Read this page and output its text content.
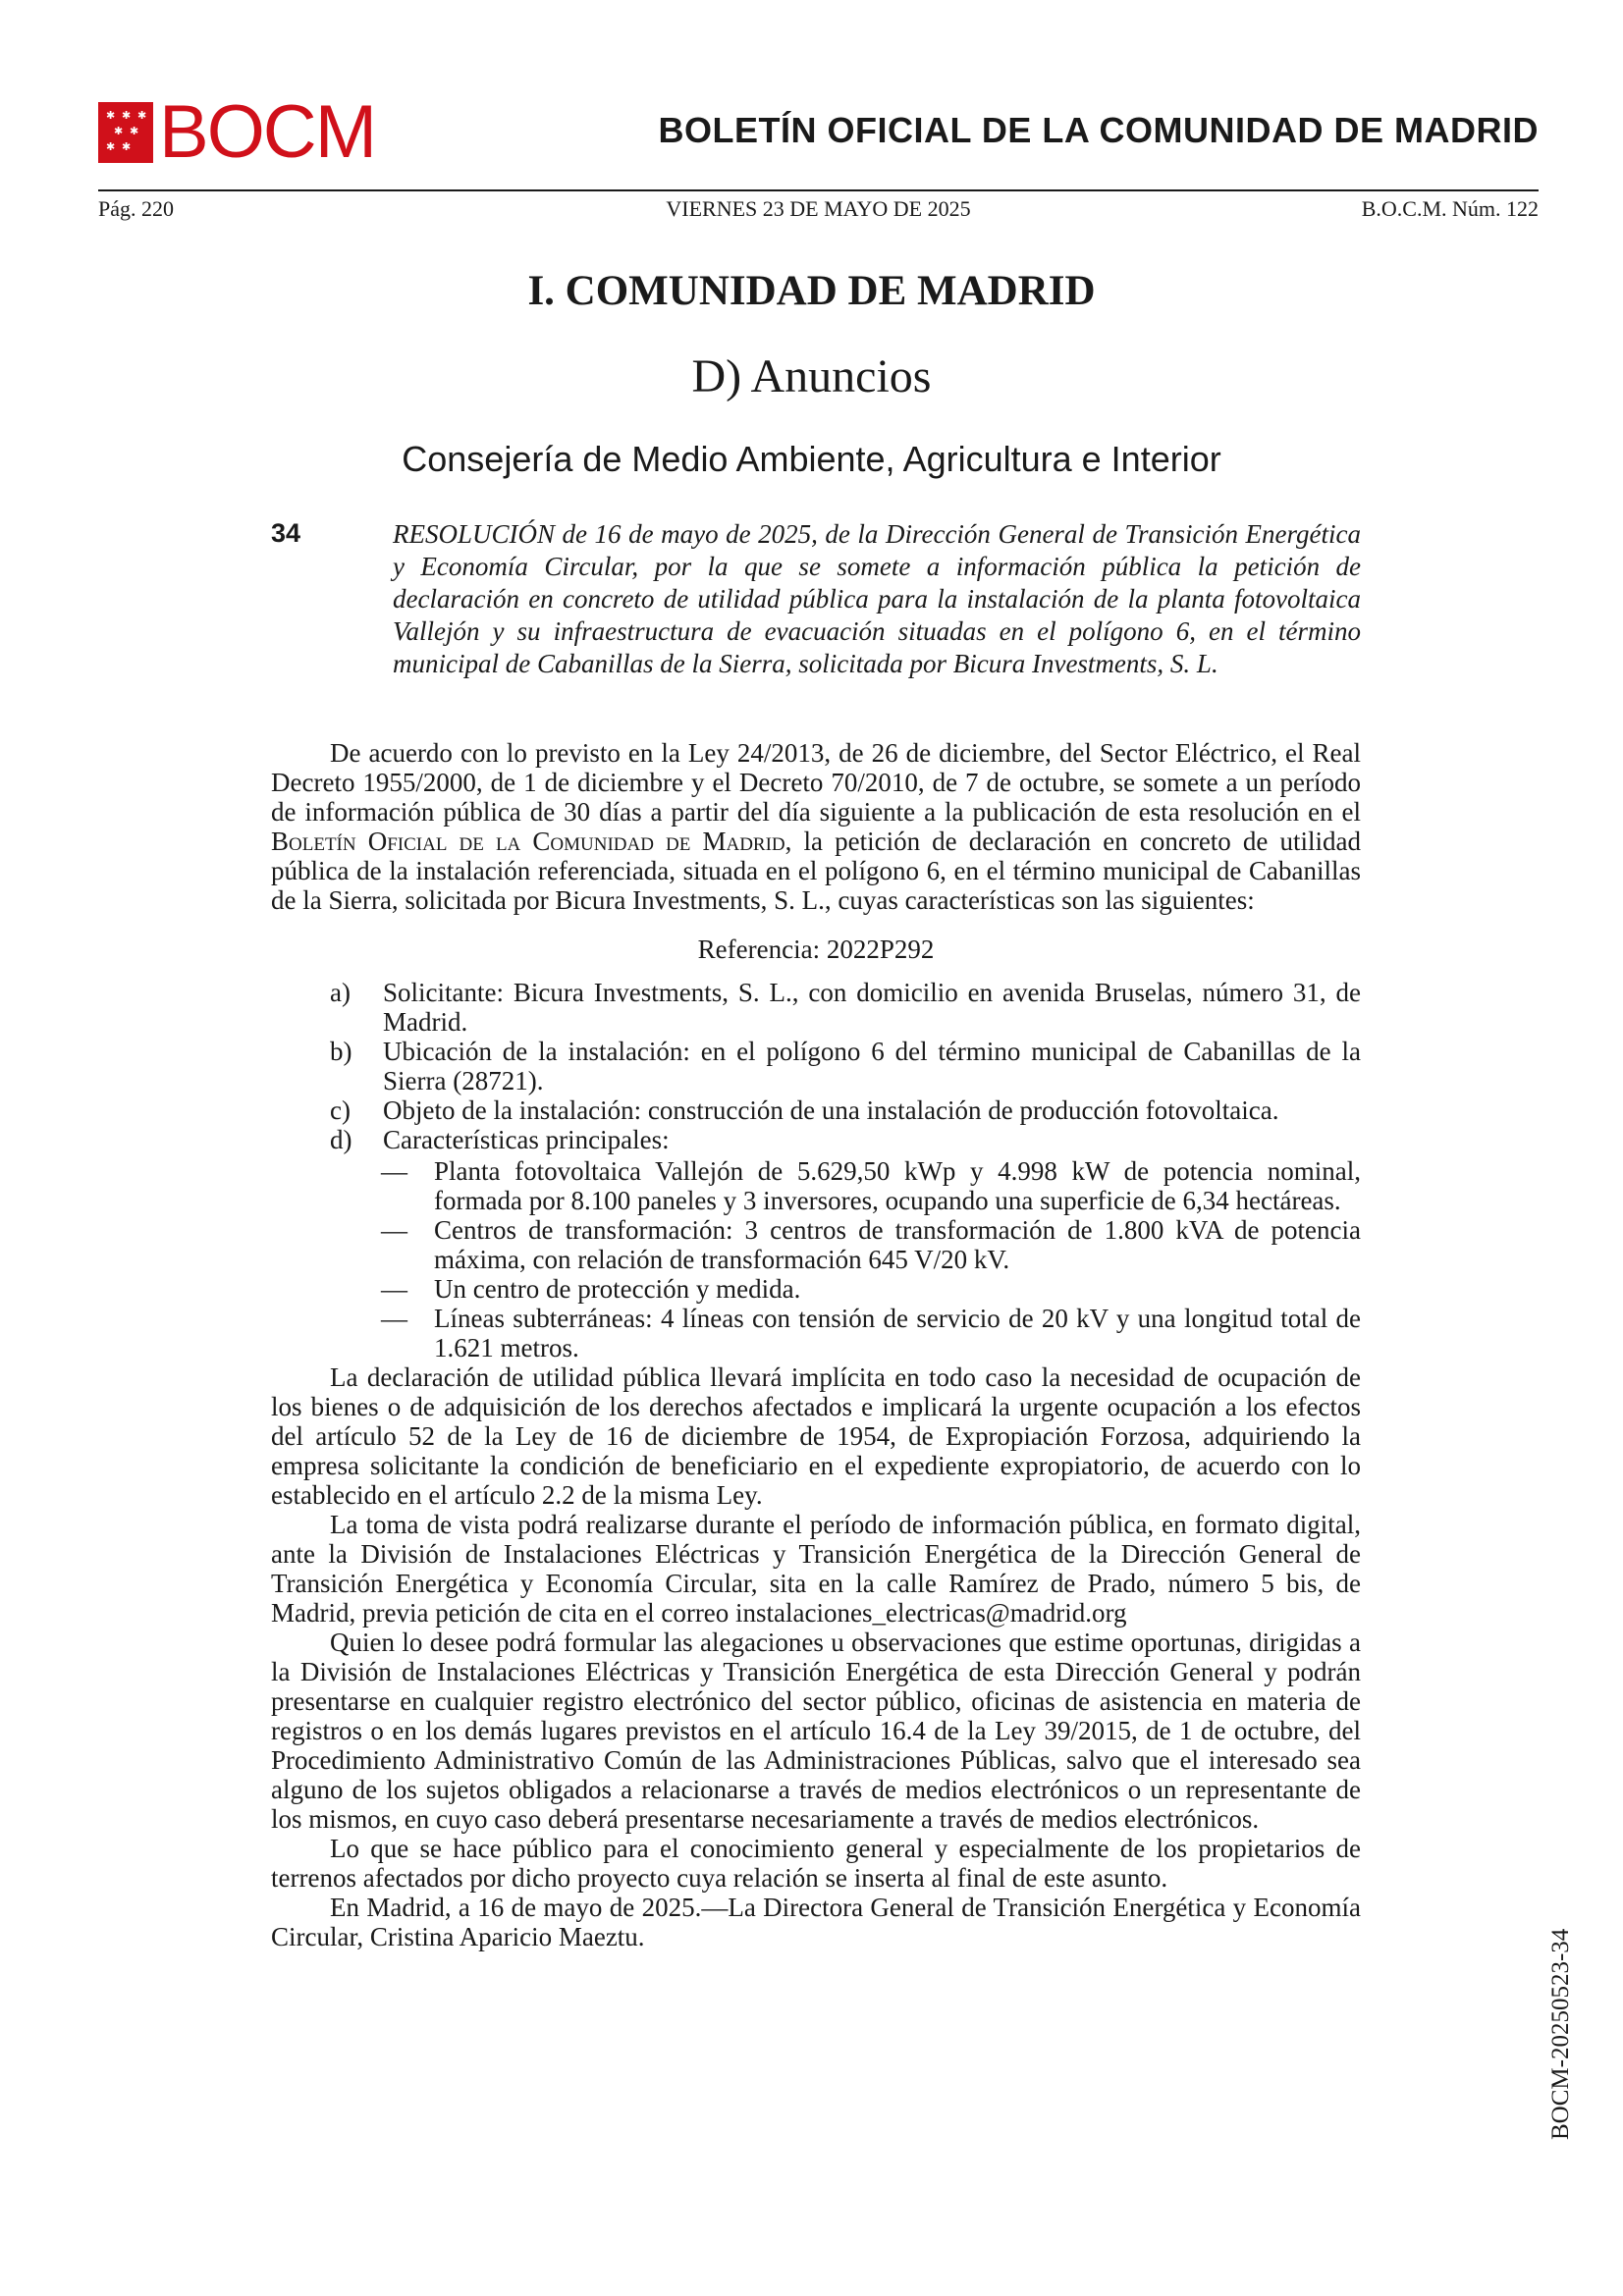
✱ ✱ ✱
✱ ✱
✱ ✱ BOCM	BOLETÍN OFICIAL DE LA COMUNIDAD DE MADRID
VIERNES 23 DE MAYO DE 2025
Pág. 220	B.O.C.M. Núm. 122
I. COMUNIDAD DE MADRID
D) Anuncios
Consejería de Medio Ambiente, Agricultura e Interior
34	RESOLUCIÓN de 16 de mayo de 2025, de la Dirección General de Transición Energética y Economía Circular, por la que se somete a información pública la petición de declaración en concreto de utilidad pública para la instalación de la planta fotovoltaica Vallejón y su infraestructura de evacuación situadas en el polígono 6, en el término municipal de Cabanillas de la Sierra, solicitada por Bicura Investments, S. L.

De acuerdo con lo previsto en la Ley 24/2013, de 26 de diciembre, del Sector Eléctrico, el Real Decreto 1955/2000, de 1 de diciembre y el Decreto 70/2010, de 7 de octubre, se somete a un período de información pública de 30 días a partir del día siguiente a la publicación de esta resolución en el Boletín Oficial de la Comunidad de Madrid, la petición de declaración en concreto de utilidad pública de la instalación referenciada, situada en el polígono 6, en el término municipal de Cabanillas de la Sierra, solicitada por Bicura Investments, S. L., cuyas características son las siguientes:

Referencia: 2022P292
a)	Solicitante: Bicura Investments, S. L., con domicilio en avenida Bruselas, número 31, de Madrid.
b)	Ubicación de la instalación: en el polígono 6 del término municipal de Cabanillas de la Sierra (28721).
c)	Objeto de la instalación: construcción de una instalación de producción fotovoltaica.
d)	Características principales:
—	Planta fotovoltaica Vallejón de 5.629,50 kWp y 4.998 kW de potencia nominal, formada por 8.100 paneles y 3 inversores, ocupando una superficie de 6,34 hectáreas.
—	Centros de transformación: 3 centros de transformación de 1.800 kVA de potencia máxima, con relación de transformación 645 V/20 kV.
—	Un centro de protección y medida.
—	Líneas subterráneas: 4 líneas con tensión de servicio de 20 kV y una longitud total de 1.621 metros.

La declaración de utilidad pública llevará implícita en todo caso la necesidad de ocupación de los bienes o de adquisición de los derechos afectados e implicará la urgente ocupación a los efectos del artículo 52 de la Ley de 16 de diciembre de 1954, de Expropiación Forzosa, adquiriendo la empresa solicitante la condición de beneficiario en el expediente expropiatorio, de acuerdo con lo establecido en el artículo 2.2 de la misma Ley.

La toma de vista podrá realizarse durante el período de información pública, en formato digital, ante la División de Instalaciones Eléctricas y Transición Energética de la Dirección General de Transición Energética y Economía Circular, sita en la calle Ramírez de Prado, número 5 bis, de Madrid, previa petición de cita en el correo instalaciones_electricas@madrid.org

Quien lo desee podrá formular las alegaciones u observaciones que estime oportunas, dirigidas a la División de Instalaciones Eléctricas y Transición Energética de esta Dirección General y podrán presentarse en cualquier registro electrónico del sector público, oficinas de asistencia en materia de registros o en los demás lugares previstos en el artículo 16.4 de la Ley 39/2015, de 1 de octubre, del Procedimiento Administrativo Común de las Administraciones Públicas, salvo que el interesado sea alguno de los sujetos obligados a relacionarse a través de medios electrónicos o un representante de los mismos, en cuyo caso deberá presentarse necesariamente a través de medios electrónicos.

Lo que se hace público para el conocimiento general y especialmente de los propietarios de terrenos afectados por dicho proyecto cuya relación se inserta al final de este asunto.

En Madrid, a 16 de mayo de 2025.—La Directora General de Transición Energética y Economía Circular, Cristina Aparicio Maeztu.	BOCM-20250523-34
